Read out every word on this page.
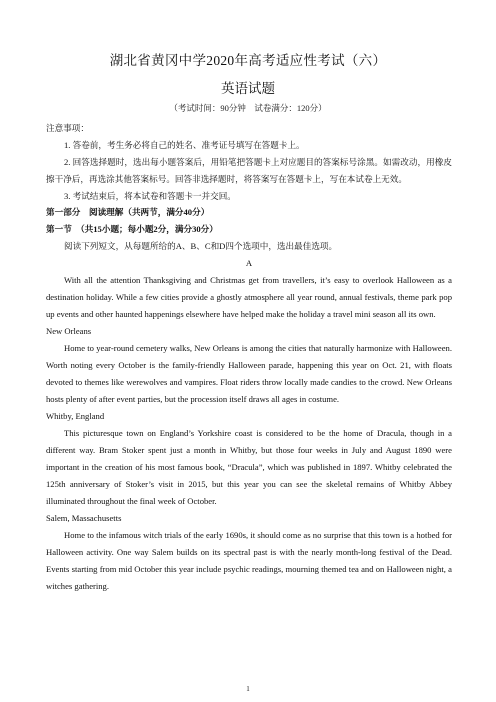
湖北省黄冈中学2020年高考适应性考试（六）
英语试题
（考试时间：90分钟　试卷满分：120分）

注意事项：

1. 答卷前，考生务必将自己的姓名、准考证号填写在答题卡上。

2. 回答选择题时，选出每小题答案后，用铅笔把答题卡上对应题目的答案标号涂黑。如需改动，用橡皮擦干净后，再选涂其他答案标号。回答非选择题时，将答案写在答题卡上，写在本试卷上无效。

3. 考试结束后，将本试卷和答题卡一并交回。

第一部分　阅读理解（共两节，满分40分）

第一节　（共15小题；每小题2分，满分30分）

阅读下列短文，从每题所给的A、B、C和D四个选项中，选出最佳选项。

A

With all the attention Thanksgiving and Christmas get from travellers, it’s easy to overlook Halloween as a destination holiday. While a few cities provide a ghostly atmosphere all year round, annual festivals, theme park pop up events and other haunted happenings elsewhere have helped make the holiday a travel mini season all its own.

New Orleans

Home to year-round cemetery walks, New Orleans is among the cities that naturally harmonize with Halloween. Worth noting every October is the family-friendly Halloween parade, happening this year on Oct. 21, with floats devoted to themes like werewolves and vampires. Float riders throw locally made candies to the crowd. New Orleans hosts plenty of after event parties, but the procession itself draws all ages in costume.

Whitby, England

This picturesque town on England’s Yorkshire coast is considered to be the home of Dracula, though in a different way. Bram Stoker spent just a month in Whitby, but those four weeks in July and August 1890 were important in the creation of his most famous book, “Dracula”, which was published in 1897. Whitby celebrated the 125th anniversary of Stoker’s visit in 2015, but this year you can see the skeletal remains of Whitby Abbey illuminated throughout the final week of October.

Salem, Massachusetts

Home to the infamous witch trials of the early 1690s, it should come as no surprise that this town is a hotbed for Halloween activity. One way Salem builds on its spectral past is with the nearly month-long festival of the Dead. Events starting from mid October this year include psychic readings, mourning themed tea and on Halloween night, a witches gathering.

1
